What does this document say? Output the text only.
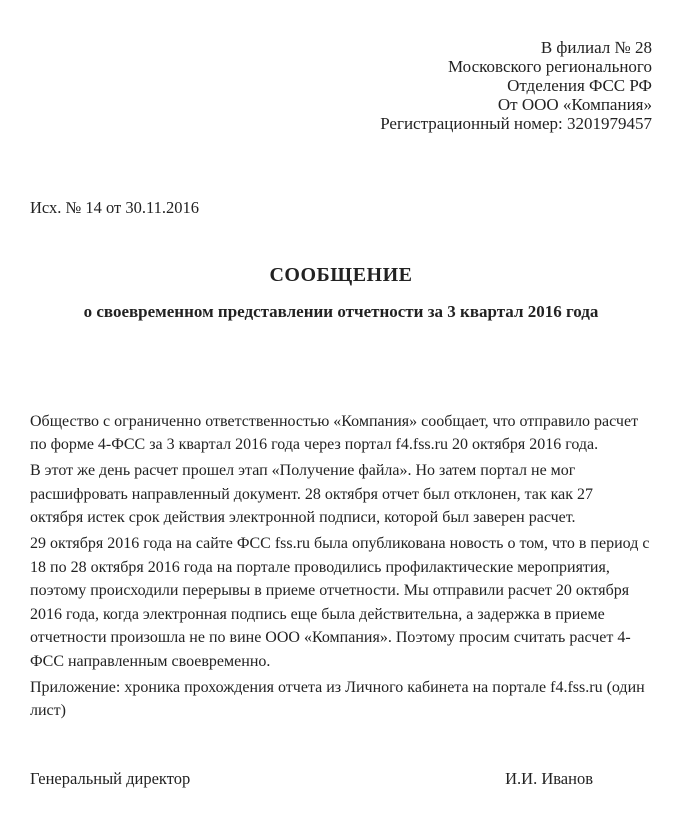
В филиал № 28
Московского регионального
Отделения ФСС РФ
От ООО «Компания»
Регистрационный номер: 3201979457
Исх. № 14 от 30.11.2016
СООБЩЕНИЕ
о своевременном представлении отчетности за 3 квартал 2016 года
Общество с ограниченно ответственностью «Компания» сообщает, что отправило расчет
по форме 4-ФСС за 3 квартал 2016 года через портал f4.fss.ru 20 октября 2016 года.
В этот же день расчет прошел этап «Получение файла». Но затем портал не мог
расшифровать направленный документ. 28 октября отчет был отклонен, так как 27
октября истек срок действия электронной подписи, которой был заверен расчет.
29 октября 2016 года на сайте ФСС fss.ru была опубликована новость о том, что в период с
18 по 28 октября 2016 года на портале проводились профилактические мероприятия,
поэтому происходили перерывы в приеме отчетности. Мы отправили расчет 20 октября
2016 года, когда электронная подпись еще была действительна, а задержка в приеме
отчетности произошла не по вине ООО «Компания». Поэтому просим считать расчет 4-
ФСС направленным своевременно.
Приложение: хроника прохождения отчета из Личного кабинета на портале f4.fss.ru (один
лист)
Генеральный директор	И.И. Иванов
